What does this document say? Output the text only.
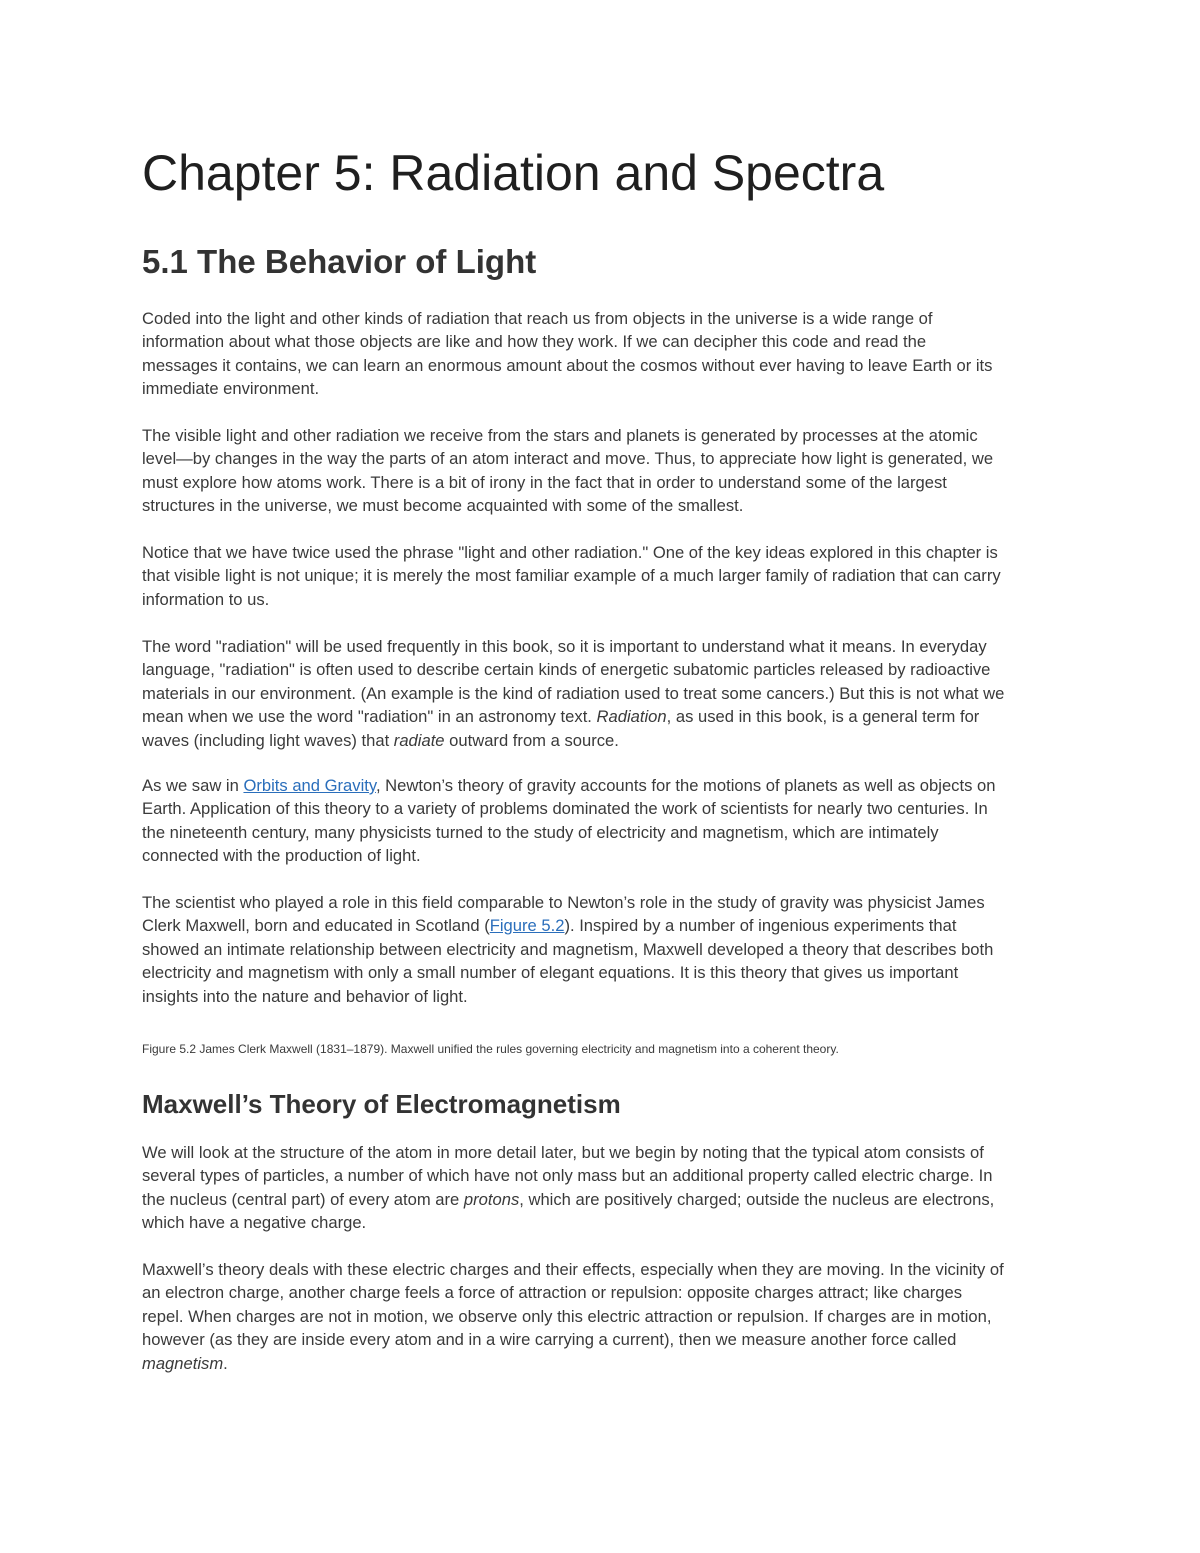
Chapter 5: Radiation and Spectra
5.1 The Behavior of Light

Coded into the light and other kinds of radiation that reach us from objects in the universe is a wide range of
information about what those objects are like and how they work. If we can decipher this code and read the
messages it contains, we can learn an enormous amount about the cosmos without ever having to leave Earth or its
immediate environment.

The visible light and other radiation we receive from the stars and planets is generated by processes at the atomic
level—by changes in the way the parts of an atom interact and move. Thus, to appreciate how light is generated, we
must explore how atoms work. There is a bit of irony in the fact that in order to understand some of the largest
structures in the universe, we must become acquainted with some of the smallest.

Notice that we have twice used the phrase "light and other radiation." One of the key ideas explored in this chapter is
that visible light is not unique; it is merely the most familiar example of a much larger family of radiation that can carry
information to us.

The word "radiation" will be used frequently in this book, so it is important to understand what it means. In everyday
language, "radiation" is often used to describe certain kinds of energetic subatomic particles released by radioactive
materials in our environment. (An example is the kind of radiation used to treat some cancers.) But this is not what we
mean when we use the word "radiation" in an astronomy text. Radiation, as used in this book, is a general term for
waves (including light waves) that radiate outward from a source.

As we saw in Orbits and Gravity, Newton’s theory of gravity accounts for the motions of planets as well as objects on
Earth. Application of this theory to a variety of problems dominated the work of scientists for nearly two centuries. In
the nineteenth century, many physicists turned to the study of electricity and magnetism, which are intimately
connected with the production of light.

The scientist who played a role in this field comparable to Newton’s role in the study of gravity was physicist James
Clerk Maxwell, born and educated in Scotland (Figure 5.2). Inspired by a number of ingenious experiments that
showed an intimate relationship between electricity and magnetism, Maxwell developed a theory that describes both
electricity and magnetism with only a small number of elegant equations. It is this theory that gives us important
insights into the nature and behavior of light.

Figure 5.2 James Clerk Maxwell (1831–1879). Maxwell unified the rules governing electricity and magnetism into a coherent theory.

Maxwell’s Theory of Electromagnetism

We will look at the structure of the atom in more detail later, but we begin by noting that the typical atom consists of
several types of particles, a number of which have not only mass but an additional property called electric charge. In
the nucleus (central part) of every atom are protons, which are positively charged; outside the nucleus are electrons,
which have a negative charge.

Maxwell’s theory deals with these electric charges and their effects, especially when they are moving. In the vicinity of
an electron charge, another charge feels a force of attraction or repulsion: opposite charges attract; like charges
repel. When charges are not in motion, we observe only this electric attraction or repulsion. If charges are in motion,
however (as they are inside every atom and in a wire carrying a current), then we measure another force called
magnetism.
